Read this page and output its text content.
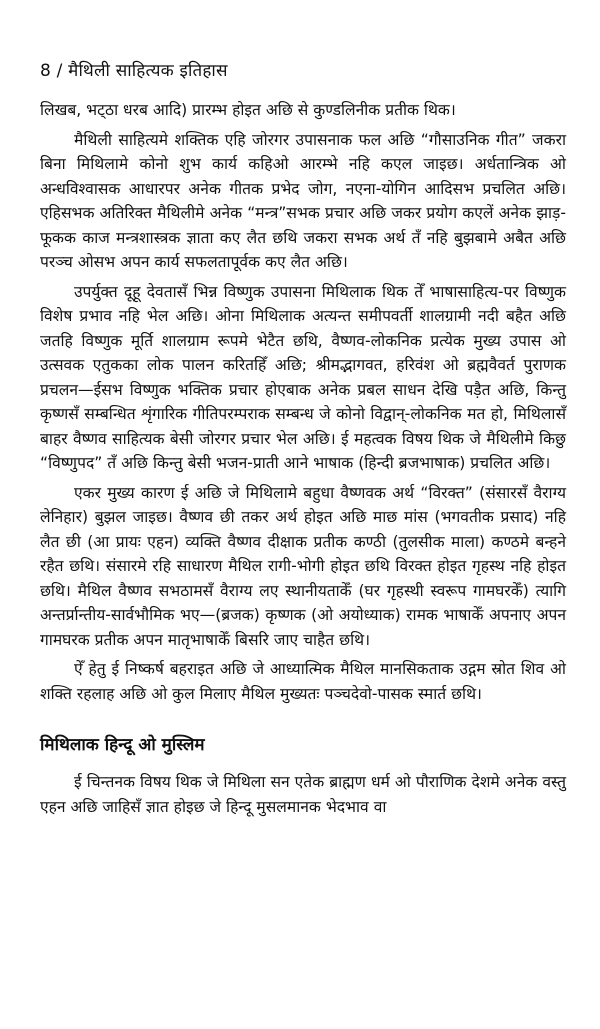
8 / मैथिली साहित्यक इतिहास

लिखब, भट्‌ठा धरब आदि) प्रारम्भ होइत अछि से कुण्डलिनीक प्रतीक थिक।

मैथिली साहित्यमे शक्तिक एहि जोरगर उपासनाक फल अछि “गौसाउनिक गीत” जकरा बिना मिथिलामे कोनो शुभ कार्य कहिओ आरम्भे नहि कएल जाइछ। अर्धतान्त्रिक ओ अन्धविश्वासक आधारपर अनेक गीतक प्रभेद जोग, नएना-योगिन आदिसभ प्रचलित अछि। एहिसभक अतिरिक्त मैथिलीमे अनेक “मन्त्र”सभक प्रचार अछि जकर प्रयोग कएलें अनेक झाड़-फूकक काज मन्त्रशास्त्रक ज्ञाता कए लैत छथि जकरा सभक अर्थ तँ नहि बुझबामे अबैत अछि परञ्च ओसभ अपन कार्य सफलतापूर्वक कए लैत अछि।

उपर्युक्त दूहू देवतासँ भिन्न विष्णुक उपासना मिथिलाक थिक तेँ भाषासाहित्य-पर विष्णुक विशेष प्रभाव नहि भेल अछि। ओना मिथिलाक अत्यन्त समीपवर्ती शालग्रामी नदी बहैत अछि जतहि विष्णुक मूर्ति शालग्राम रूपमे भेटैत छथि, वैष्णव-लोकनिक प्रत्येक मुख्य उपास ओ उत्सवक एतुकका लोक पालन करितहिँ अछि; श्रीमद्भागवत, हरिवंश ओ ब्रह्मवैवर्त पुराणक प्रचलन—ईसभ विष्णुक भक्तिक प्रचार होएबाक अनेक प्रबल साधन देखि पड़ैत अछि, किन्तु कृष्णसँ सम्बन्धित शृंगारिक गीतिपरम्पराक सम्बन्ध जे कोनो विद्वान्-लोकनिक मत हो, मिथिलासँ बाहर वैष्णव साहित्यक बेसी जोरगर प्रचार भेल अछि। ई महत्वक विषय थिक जे मैथिलीमे किछु “विष्णुपद” तँ अछि किन्तु बेसी भजन-प्राती आने भाषाक (हिन्दी ब्रजभाषाक) प्रचलित अछि।

एकर मुख्य कारण ई अछि जे मिथिलामे बहुधा वैष्णवक अर्थ “विरक्त” (संसारसँ वैराग्य लेनिहार) बुझल जाइछ। वैष्णव छी तकर अर्थ होइत अछि माछ मांस (भगवतीक प्रसाद) नहि लैत छी (आ प्रायः एहन) व्यक्ति वैष्णव दीक्षाक प्रतीक कण्ठी (तुलसीक माला) कण्ठमे बन्हने रहैत छथि। संसारमे रहि साधारण मैथिल रागी-भोगी होइत छथि विरक्त होइत गृहस्थ नहि होइत छथि। मैथिल वैष्णव सभठामसँ वैराग्य लए स्थानीयताकेँ (घर गृहस्थी स्वरूप गामघरकेँ) त्यागि अन्तर्प्रान्तीय-सार्वभौमिक भए—(ब्रजक) कृष्णक (ओ अयोध्याक) रामक भाषाकेँ अपनाए अपन गामघरक प्रतीक अपन मातृभाषाकेँ बिसरि जाए चाहैत छथि।

ऐँ हेतु ई निष्कर्ष बहराइत अछि जे आध्यात्मिक मैथिल मानसिकताक उद्गम स्रोत शिव ओ शक्ति रहलाह अछि ओ कुल मिलाए मैथिल मुख्यतः पञ्चदेवो-पासक स्मार्त छथि।

मिथिलाक हिन्दू ओ मुस्लिम

ई चिन्तनक विषय थिक जे मिथिला सन एतेक ब्राह्मण धर्म ओ पौराणिक देशमे अनेक वस्तु एहन अछि जाहिसँ ज्ञात होइछ जे हिन्दू मुसलमानक भेदभाव वा
